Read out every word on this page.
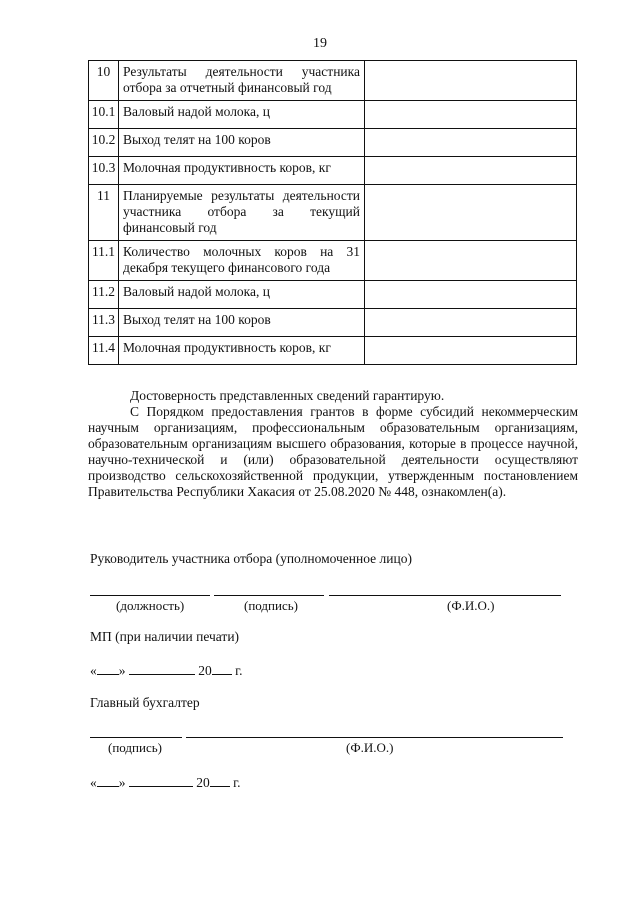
19
10	Результаты деятельности участника отбора за отчетный финансовый год	
10.1	Валовый надой молока, ц	
10.2	Выход телят на 100 коров	
10.3	Молочная продуктивность коров, кг	
11	Планируемые результаты деятельности участника отбора за текущий финансовый год	
11.1	Количество молочных коров на 31 декабря текущего финансового года	
11.2	Валовый надой молока, ц	
11.3	Выход телят на 100 коров	
11.4	Молочная продуктивность коров, кг	

Достоверность представленных сведений гарантирую.

С Порядком предоставления грантов в форме субсидий некоммерческим научным организациям, профессиональным образовательным организациям, образовательным организациям высшего образования, которые в процессе научной, научно-технической и (или) образовательной деятельности осуществляют производство сельскохозяйственной продукции, утвержденным постановлением Правительства Республики Хакасия от 25.08.2020 № 448, ознакомлен(а).

Руководитель участника отбора (уполномоченное лицо)
(должность)	(подпись)	(Ф.И.О.)
МП (при наличии печати)
« »	20 г.
Главный бухгалтер
(подпись)	(Ф.И.О.)
« »	20 г.
